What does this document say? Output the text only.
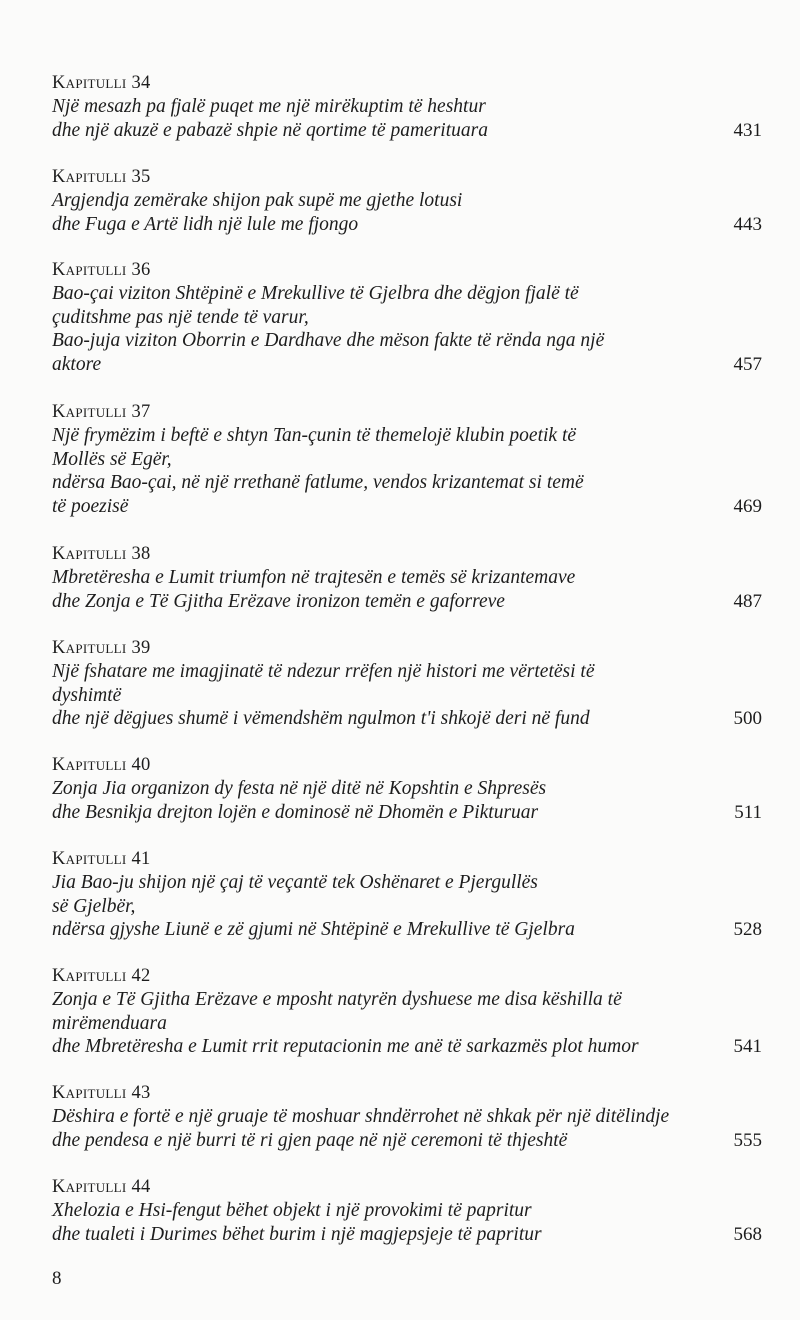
Kapitulli 34
Një mesazh pa fjalë puqet me një mirëkuptim të heshtur
dhe një akuzë e pabazë shpie në qortime të pamerituara	431
Kapitulli 35
Argjendja zemërake shijon pak supë me gjethe lotusi
dhe Fuga e Artë lidh një lule me fjongo	443
Kapitulli 36
Bao-çai viziton Shtëpinë e Mrekullive të Gjelbra dhe dëgjon fjalë të
çuditshme pas një tende të varur,
Bao-juja viziton Oborrin e Dardhave dhe mëson fakte të rënda nga një
aktore	457
Kapitulli 37
Një frymëzim i beftë e shtyn Tan-çunin të themelojë klubin poetik të
Mollës së Egër,
ndërsa Bao-çai, në një rrethanë fatlume, vendos krizantemat si temë
të poezisë	469
Kapitulli 38
Mbretëresha e Lumit triumfon në trajtesën e temës së krizantemave
dhe Zonja e Të Gjitha Erëzave ironizon temën e gaforreve	487
Kapitulli 39
Një fshatare me imagjinatë të ndezur rrëfen një histori me vërtetësi të
dyshimtë
dhe një dëgjues shumë i vëmendshëm ngulmon t'i shkojë deri në fund	500
Kapitulli 40
Zonja Jia organizon dy festa në një ditë në Kopshtin e Shpresës
dhe Besnikja drejton lojën e dominosë në Dhomën e Pikturuar	511
Kapitulli 41
Jia Bao-ju shijon një çaj të veçantë tek Oshënaret e Pjergullës
së Gjelbër,
ndërsa gjyshe Liunë e zë gjumi në Shtëpinë e Mrekullive të Gjelbra	528
Kapitulli 42
Zonja e Të Gjitha Erëzave e mposht natyrën dyshuese me disa këshilla të
mirëmenduara
dhe Mbretëresha e Lumit rrit reputacionin me anë të sarkazmës plot humor	541
Kapitulli 43
Dëshira e fortë e një gruaje të moshuar shndërrohet në shkak për një ditëlindje
dhe pendesa e një burri të ri gjen paqe në një ceremoni të thjeshtë	555
Kapitulli 44
Xhelozia e Hsi-fengut bëhet objekt i një provokimi të papritur
dhe tualeti i Durimes bëhet burim i një magjepsjeje të papritur	568
8
